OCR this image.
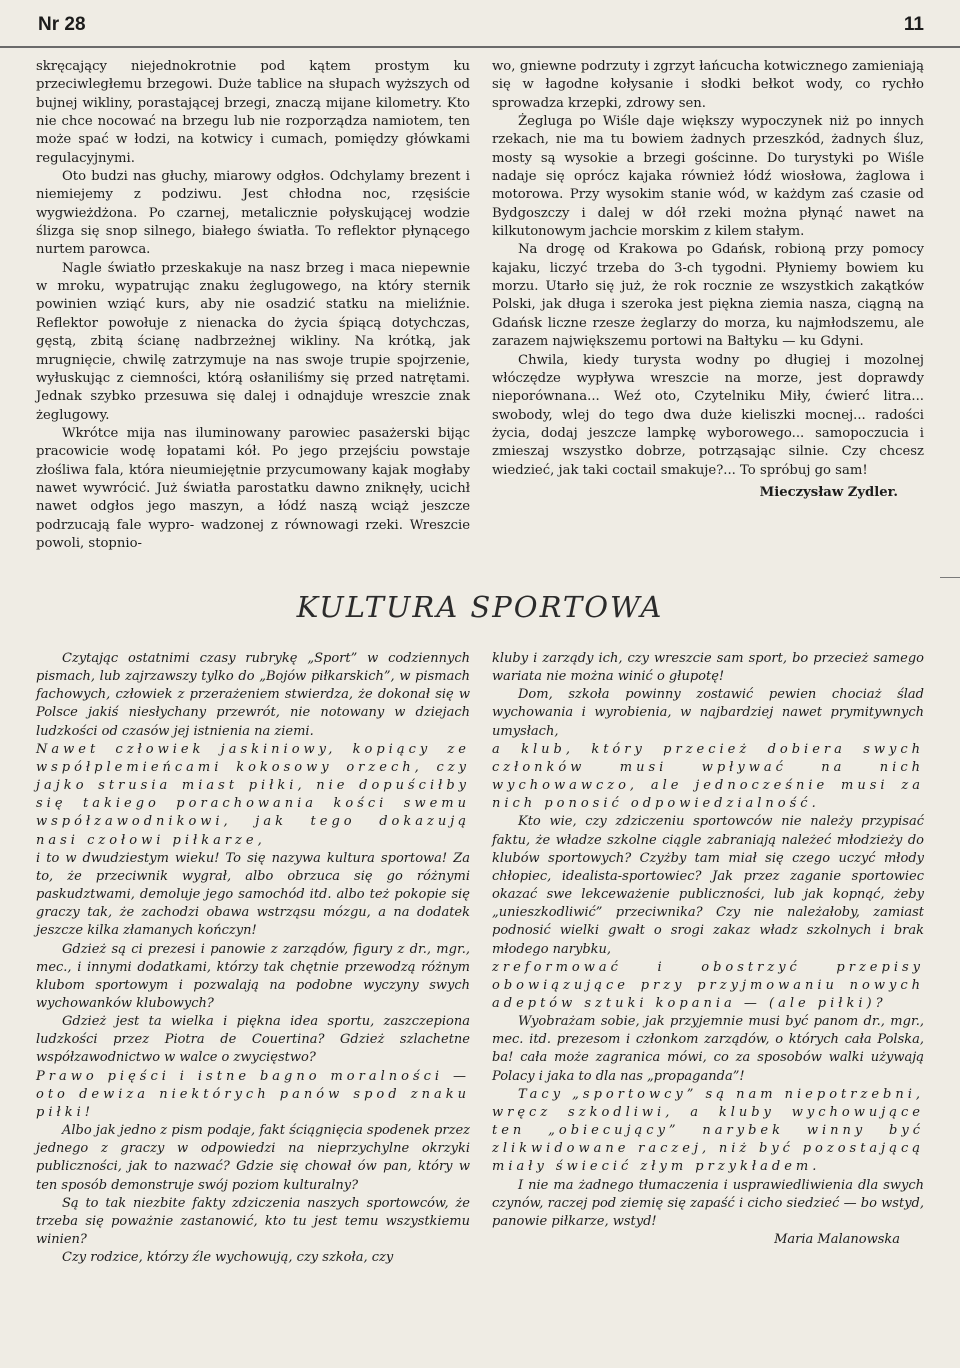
Nr 28	11

skręcający niejednokrotnie pod kątem prostym ku przeciwległemu brzegowi. Duże tablice na słupach wyższych od bujnej wikliny, porastającej brzegi, znaczą mijane kilometry. Kto nie chce nocować na brzegu lub nie rozporządza namiotem, ten może spać w łodzi, na kotwicy i cumach, pomiędzy główkami regulacyjnymi.

Oto budzi nas głuchy, miarowy odgłos. Odchylamy brezent i niemiejemy z podziwu. Jest chłodna noc, rzęsiście wygwieżdżona. Po czarnej, metalicznie połyskującej wodzie ślizga się snop silnego, białego światła. To reflektor płynącego nurtem parowca.

Nagle światło przeskakuje na nasz brzeg i maca niepewnie w mroku, wypatrując znaku żeglugowego, na który sternik powinien wziąć kurs, aby nie osadzić statku na mieliźnie. Reflektor powołuje z nienacka do życia śpiącą dotychczas, gęstą, zbitą ścianę nadbrzeżnej wikliny. Na krótką, jak mrugnięcie, chwilę zatrzymuje na nas swoje trupie spojrzenie, wyłuskując z ciemności, którą osłaniliśmy się przed natrętami. Jednak szybko przesuwa się dalej i odnajduje wreszcie znak żeglugowy.

Wkrótce mija nas iluminowany parowiec pasażerski bijąc pracowicie wodę łopatami kół. Po jego przejściu powstaje złośliwa fala, która nieumiejętnie przycumowany kajak mogłaby nawet wywrócić. Już światła parostatku dawno zniknęły, ucichł nawet odgłos jego maszyn, a łódź naszą wciąż jeszcze podrzucają fale wypro- wadzonej z równowagi rzeki. Wreszcie powoli, stopnio-

wo, gniewne podrzuty i zgrzyt łańcucha kotwicznego zamieniają się w łagodne kołysanie i słodki bełkot wody, co rychło sprowadza krzepki, zdrowy sen.

Żegluga po Wiśle daje większy wypoczynek niż po innych rzekach, nie ma tu bowiem żadnych przeszkód, żadnych śluz, mosty są wysokie a brzegi gościnne. Do turystyki po Wiśle nadaje się oprócz kajaka również łódź wiosłowa, żaglowa i motorowa. Przy wysokim stanie wód, w każdym zaś czasie od Bydgoszczy i dalej w dół rzeki można płynąć nawet na kilkutonowym jachcie morskim z kilem stałym.

Na drogę od Krakowa po Gdańsk, robioną przy pomocy kajaku, liczyć trzeba do 3-ch tygodni. Płyniemy bowiem ku morzu. Utarło się już, że rok rocznie ze wszystkich zakątków Polski, jak długa i szeroka jest piękna ziemia nasza, ciągną na Gdańsk liczne rzesze żeglarzy do morza, ku najmłodszemu, ale zarazem największemu portowi na Bałtyku — ku Gdyni.

Chwila, kiedy turysta wodny po długiej i mozolnej włóczędze wypływa wreszcie na morze, jest doprawdy nieporównana... Weź oto, Czytelniku Miły, ćwierć litra... swobody, wlej do tego dwa duże kieliszki mocnej... radości życia, dodaj jeszcze lampkę wyborowego... samopoczucia i zmieszaj wszystko dobrze, potrząsając silnie. Czy chcesz wiedzieć, jak taki coctail smakuje?... To spróbuj go sam!

Mieczysław Zydler.
KULTURA SPORTOWA

Czytając ostatnimi czasy rubrykę „Sport” w codziennych pismach, lub zajrzawszy tylko do „Bojów piłkarskich”, w pismach fachowych, człowiek z przerażeniem stwierdza, że dokonał się w Polsce jakiś niesłychany przewrót, nie notowany w dziejach ludzkości od czasów jej istnienia na ziemi.

Nawet człowiek jaskiniowy, kopiący ze współplemieńcami kokosowy orzech, czy jajko strusia miast piłki, nie dopuściłby się takiego porachowania kości swemu współzawodnikowi, jak tego dokazują nasi czołowi piłkarze,

i to w dwudziestym wieku! To się nazywa kultura sportowa! Za to, że przeciwnik wygrał, albo obrzuca się go różnymi paskudztwami, demoluje jego samochód itd. albo też pokopie się graczy tak, że zachodzi obawa wstrząsu mózgu, a na dodatek jeszcze kilka złamanych kończyn!

Gdzież są ci prezesi i panowie z zarządów, figury z dr., mgr., mec., i innymi dodatkami, którzy tak chętnie przewodzą różnym klubom sportowym i pozwalają na podobne wyczyny swych wychowanków klubowych?

Gdzież jest ta wielka i piękna idea sportu, zaszczepiona ludzkości przez Piotra de Couertina? Gdzież szlachetne współzawodnictwo w walce o zwycięstwo?

Prawo pięści i istne bagno moralności — oto dewiza niektórych panów spod znaku piłki!

Albo jak jedno z pism podaje, fakt ściągnięcia spodenek przez jednego z graczy w odpowiedzi na nieprzychylne okrzyki publiczności, jak to nazwać? Gdzie się chował ów pan, który w ten sposób demonstruje swój poziom kulturalny?

Są to tak niezbite fakty zdziczenia naszych sportowców, że trzeba się poważnie zastanowić, kto tu jest temu wszystkiemu winien?

Czy rodzice, którzy źle wychowują, czy szkoła, czy

kluby i zarządy ich, czy wreszcie sam sport, bo przecież samego wariata nie można winić o głupotę!

Dom, szkoła powinny zostawić pewien chociaż ślad wychowania i wyrobienia, w najbardziej nawet prymitywnych umysłach,

a klub, który przecież dobiera swych członków musi wpływać na nich wychowawczo, ale jednocześnie musi za nich ponosić odpowiedzialność.

Kto wie, czy zdziczeniu sportowców nie należy przypisać faktu, że władze szkolne ciągle zabraniają należeć młodzieży do klubów sportowych? Czyżby tam miał się czego uczyć młody chłopiec, idealista-sportowiec? Jak przez zaganie sportowiec okazać swe lekceważenie publiczności, lub jak kopnąć, żeby „unieszkodliwić” przeciwnika? Czy nie należałoby, zamiast podnosić wielki gwałt o srogi zakaz władz szkolnych i brak młodego narybku,

zreformować i obostrzyć przepisy obowiązujące przy przyjmowaniu nowych adeptów sztuki kopania — (ale piłki)?

Wyobrażam sobie, jak przyjemnie musi być panom dr., mgr., mec. itd. prezesom i członkom zarządów, o których cała Polska, ba! cała może zagranica mówi, co za sposobów walki używają Polacy i jaka to dla nas „propaganda”!

Tacy „sportowcy” są nam niepotrzebni, wręcz szkodliwi, a kluby wychowujące ten „obiecujący” narybek winny być zlikwidowane raczej, niż być pozostającą miały świecić złym przykładem.

I nie ma żadnego tłumaczenia i usprawiedliwienia dla swych czynów, raczej pod ziemię się zapaść i cicho siedzieć — bo wstyd, panowie piłkarze, wstyd!

Maria Malanowska
